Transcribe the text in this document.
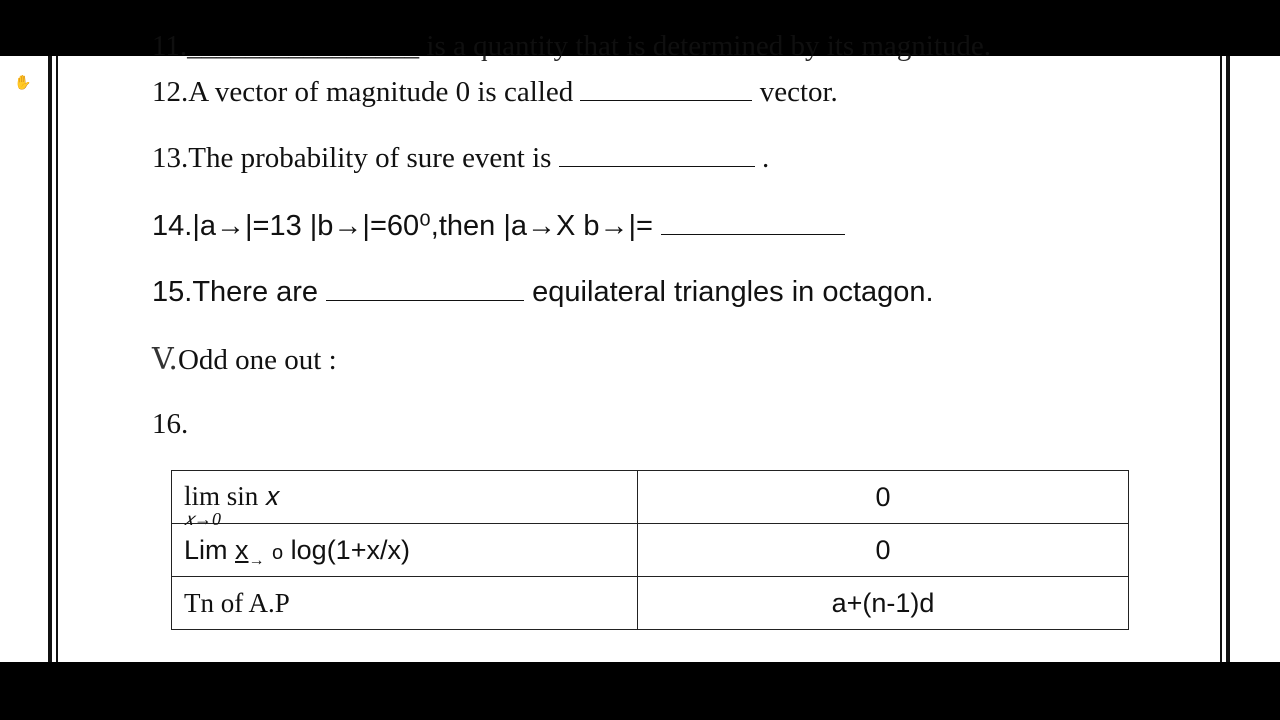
✋
11.________________ is a quantity that is determined by its magnitude.
12.A vector of magnitude 0 is called	vector.
13.The probability of sure event is	.
14.|a→|=13 |b→|=60⁰,then |a→X b→|=
15.There are	equilateral triangles in octagon.
V.Odd one out :
16.
lim sin 𝑥
𝑥→0	0
Lim $x_\to$ o log(1+x/x)	0
Tn of A.P	a+(n-1)d
